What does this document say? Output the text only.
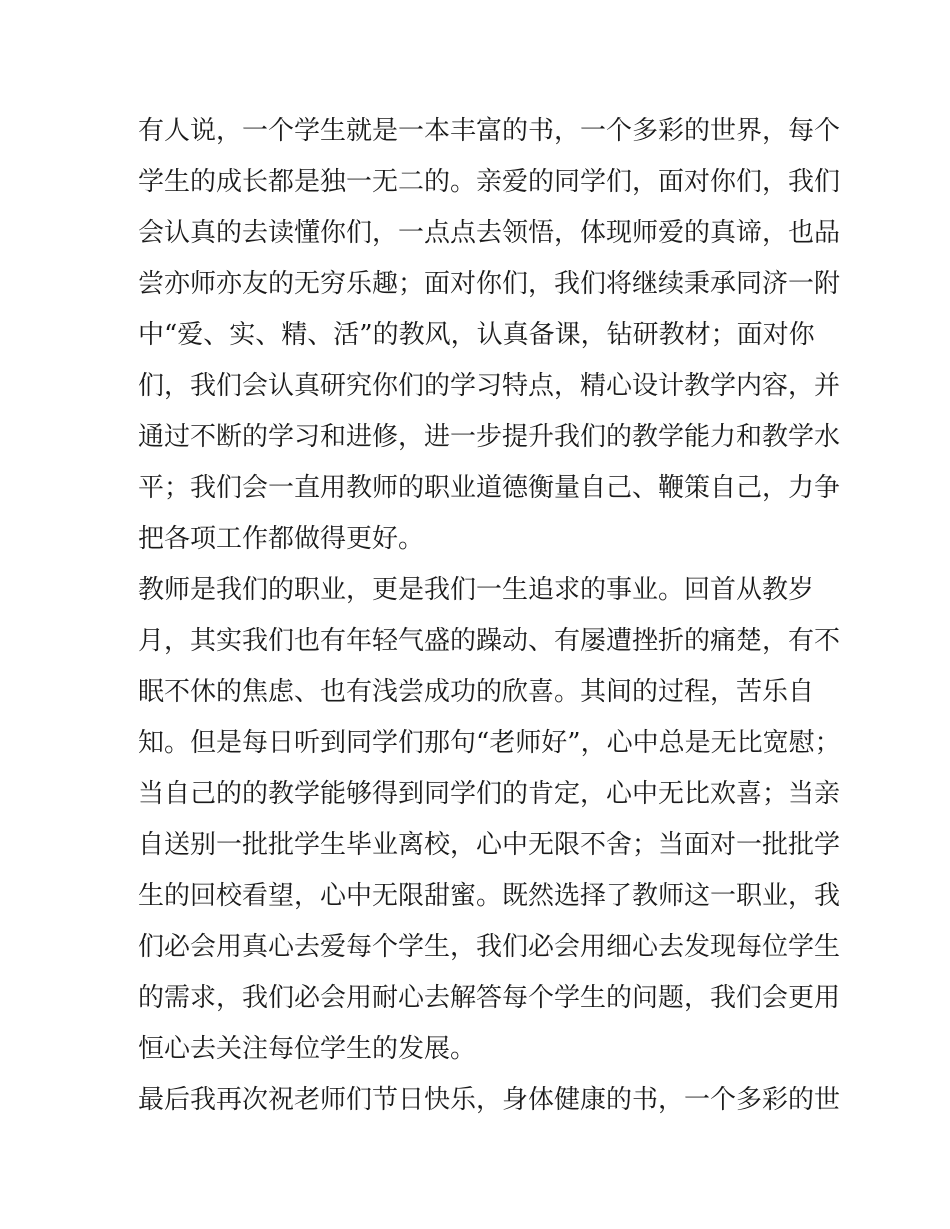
有人说，一个学生就是一本丰富的书，一个多彩的世界，每个
学生的成长都是独一无二的。亲爱的同学们，面对你们，我们
会认真的去读懂你们，一点点去领悟，体现师爱的真谛，也品
尝亦师亦友的无穷乐趣；面对你们，我们将继续秉承同济一附
中“爱、实、精、活”的教风，认真备课，钻研教材；面对你
们，我们会认真研究你们的学习特点，精心设计教学内容，并
通过不断的学习和进修，进一步提升我们的教学能力和教学水
平；我们会一直用教师的职业道德衡量自己、鞭策自己，力争
把各项工作都做得更好。
教师是我们的职业，更是我们一生追求的事业。回首从教岁
月，其实我们也有年轻气盛的躁动、有屡遭挫折的痛楚，有不
眠不休的焦虑、也有浅尝成功的欣喜。其间的过程，苦乐自
知。但是每日听到同学们那句“老师好”，心中总是无比宽慰；
当自己的的教学能够得到同学们的肯定，心中无比欢喜；当亲
自送别一批批学生毕业离校，心中无限不舍；当面对一批批学
生的回校看望，心中无限甜蜜。既然选择了教师这一职业，我
们必会用真心去爱每个学生，我们必会用细心去发现每位学生
的需求，我们必会用耐心去解答每个学生的问题，我们会更用
恒心去关注每位学生的发展。
最后我再次祝老师们节日快乐，身体健康的书，一个多彩的世
